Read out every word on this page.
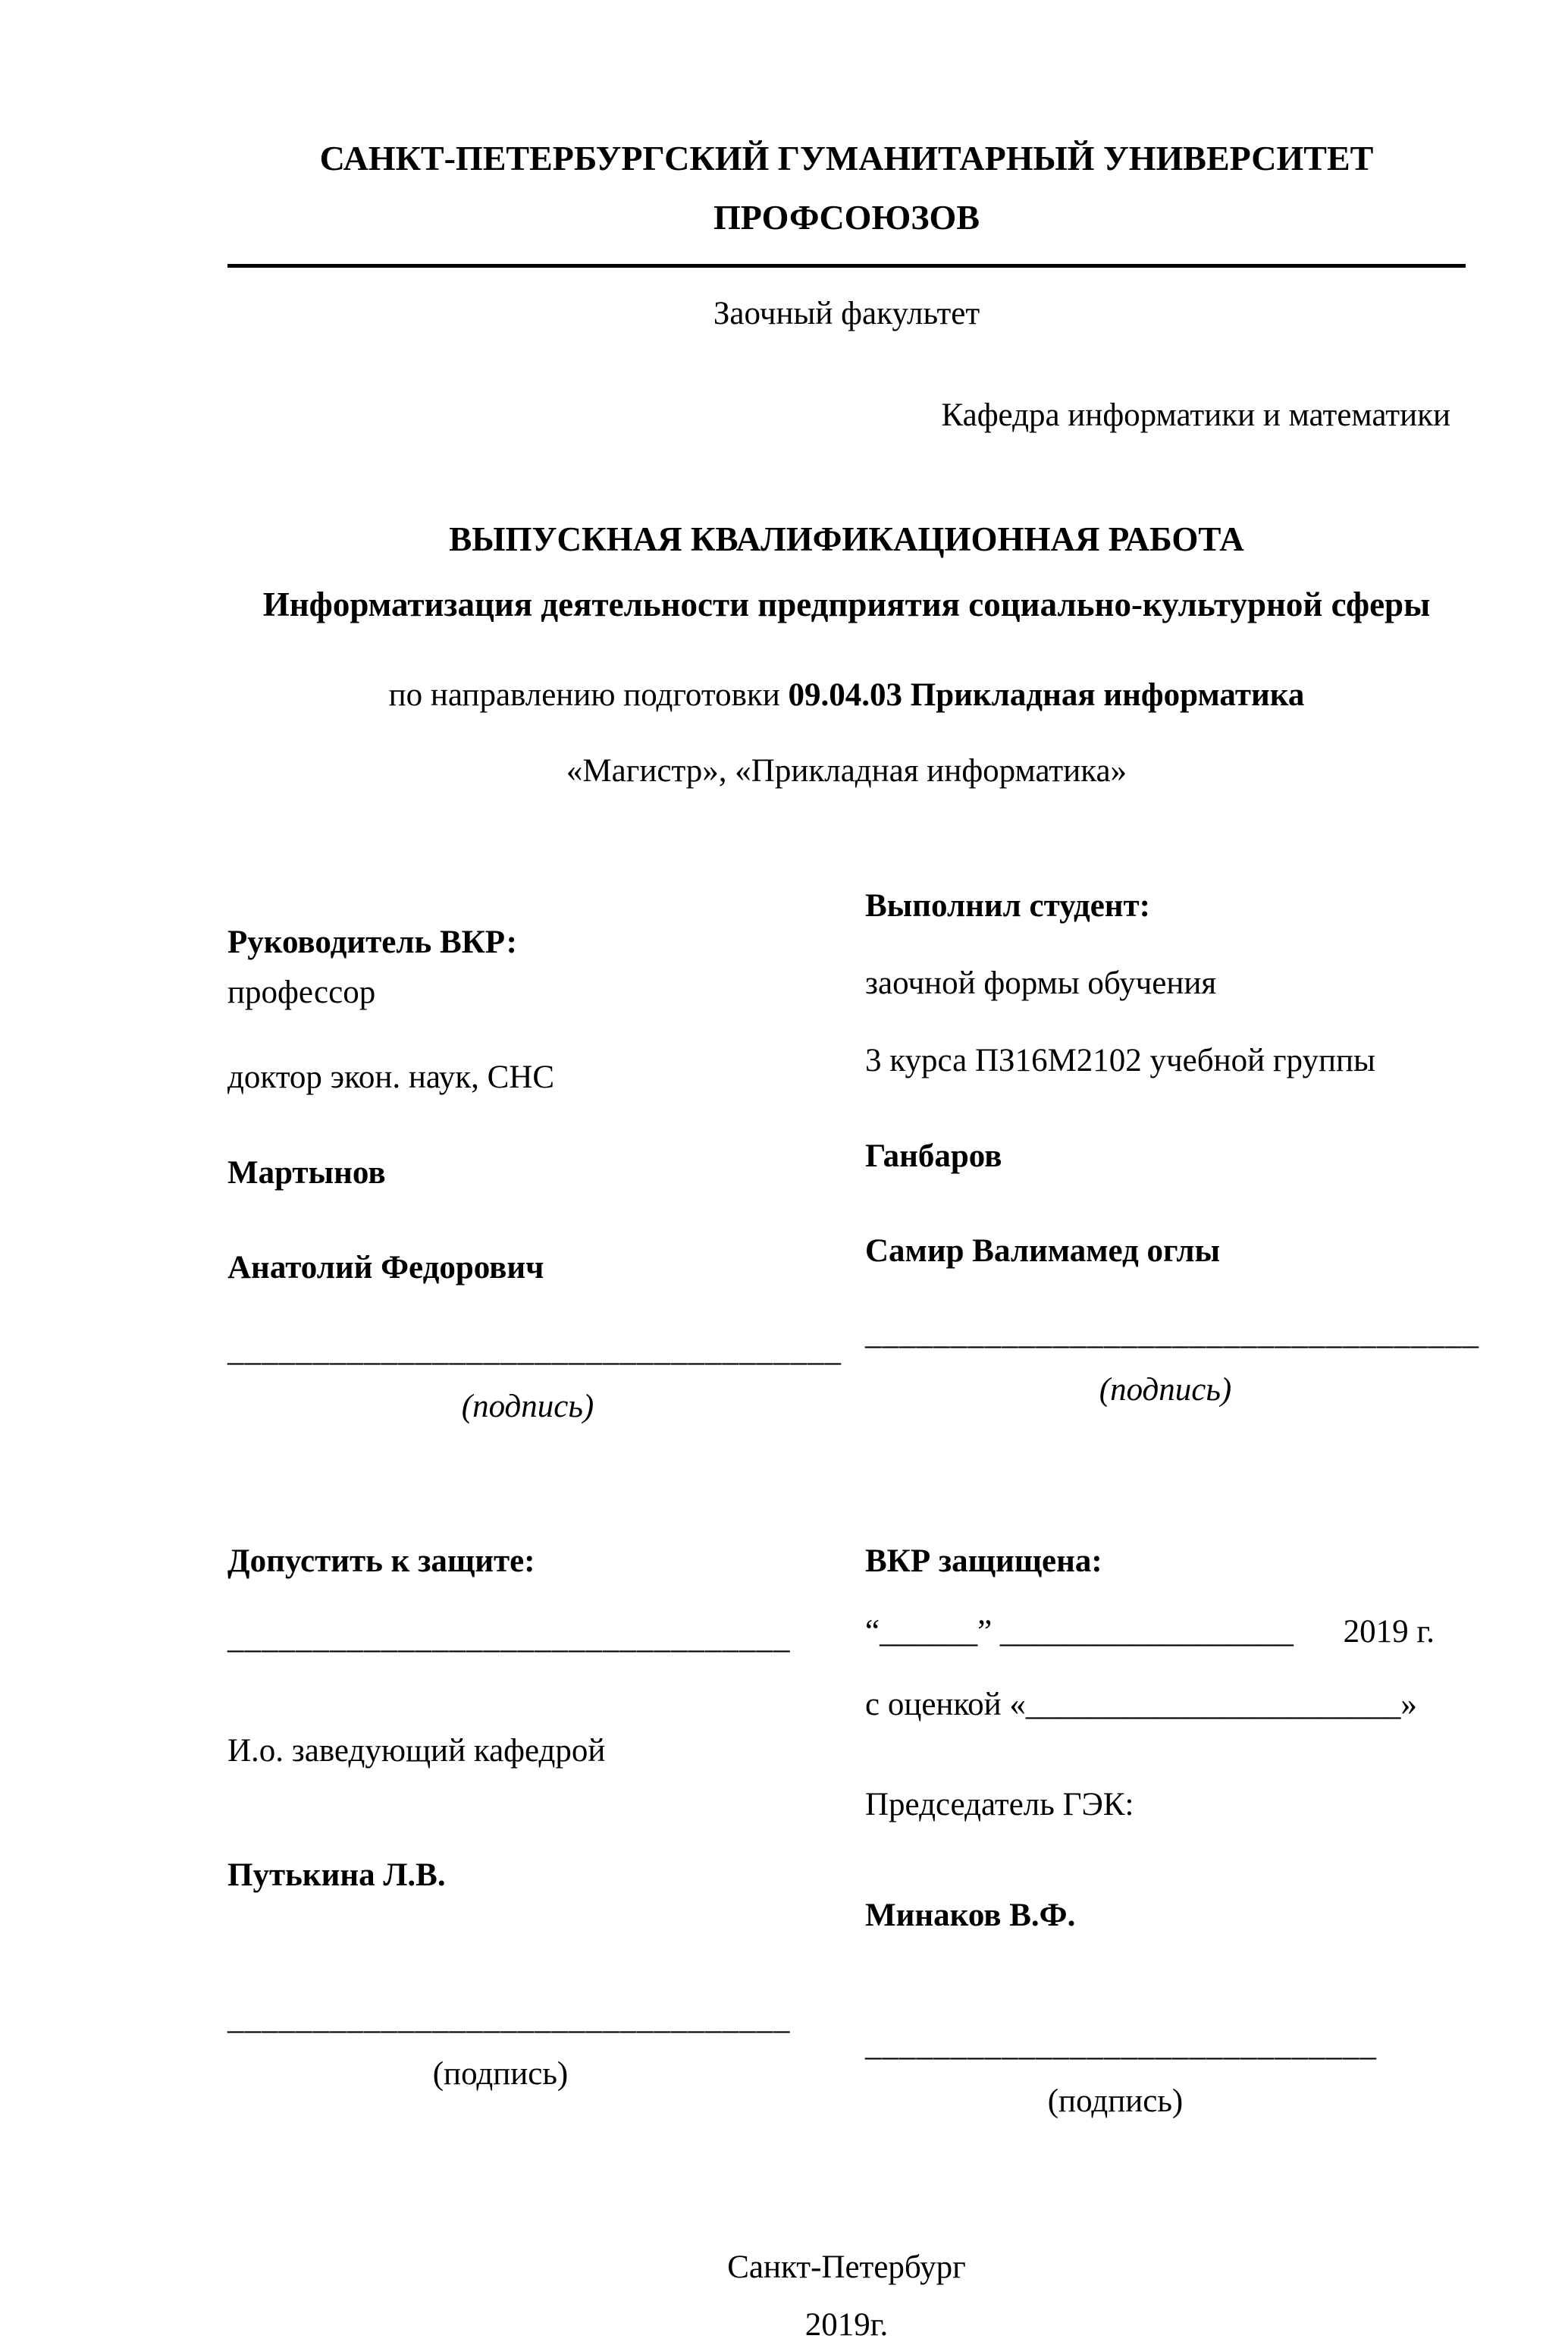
САНКТ-ПЕТЕРБУРГСКИЙ ГУМАНИТАРНЫЙ УНИВЕРСИТЕТ
ПРОФСОЮЗОВ
Заочный факультет
Кафедра информатики и математики
ВЫПУСКНАЯ КВАЛИФИКАЦИОННАЯ РАБОТА
Информатизация деятельности предприятия социально-культурной сферы
по направлению подготовки 09.04.03 Прикладная информатика
«Магистр», «Прикладная информатика»
Руководитель ВКР:
профессор
доктор экон. наук, СНС
Мартынов
Анатолий Федорович
____________________________________
(подпись)
Выполнил студент:
заочной формы обучения
3 курса ПЗ16М2102 учебной группы
Ганбаров
Самир Валимамед оглы
____________________________________
(подпись)
Допустить к защите:
_________________________________
И.о. заведующий кафедрой
Путькина Л.В.
_________________________________
(подпись)
ВКР защищена:
“______” __________________ 2019 г.
с оценкой «_______________________»
Председатель ГЭК:
Минаков В.Ф.
______________________________
(подпись)
Санкт-Петербург
2019г.
